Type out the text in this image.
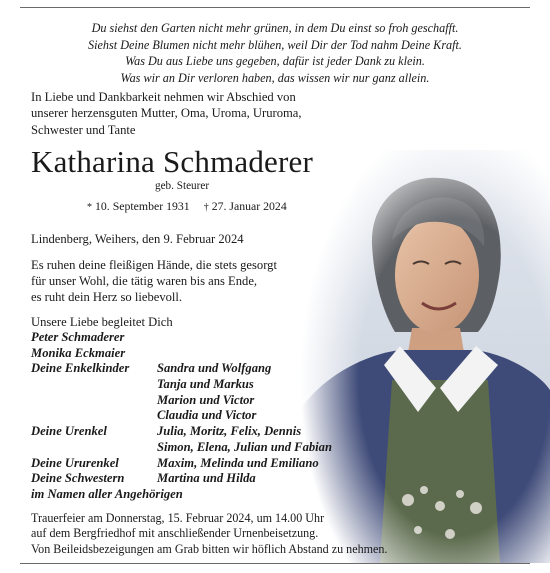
Du siehst den Garten nicht mehr grünen, in dem Du einst so froh geschafft.
Siehst Deine Blumen nicht mehr blühen, weil Dir der Tod nahm Deine Kraft.
Was Du aus Liebe uns gegeben, dafür ist jeder Dank zu klein.
Was wir an Dir verloren haben, das wissen wir nur ganz allein.
In Liebe und Dankbarkeit nehmen wir Abschied von
unserer herzensguten Mutter, Oma, Uroma, Ururoma,
Schwester und Tante
Katharina Schmaderer
geb. Steurer
* 10. September 1931 † 27. Januar 2024
Lindenberg, Weihers, den 9. Februar 2024
Es ruhen deine fleißigen Hände, die stets gesorgt
für unser Wohl, die tätig waren bis ans Ende,
es ruht dein Herz so liebevoll.
Unsere Liebe begleitet Dich
Peter Schmaderer
Monika Eckmaier
Deine Enkelkinder Sandra und Wolfgang
Tanja und Markus
Marion und Victor
Claudia und Victor
Deine Urenkel	Julia, Moritz, Felix, Dennis
Simon, Elena, Julian und Fabian
Deine Ururenkel	Maxim, Melinda und Emiliano
Deine Schwestern	Martina und Hilda
im Namen aller Angehörigen
Trauerfeier am Donnerstag, 15. Februar 2024, um 14.00 Uhr
auf dem Bergfriedhof mit anschließender Urnenbeisetzung.
Von Beileidsbezeigungen am Grab bitten wir höflich Abstand zu nehmen.
